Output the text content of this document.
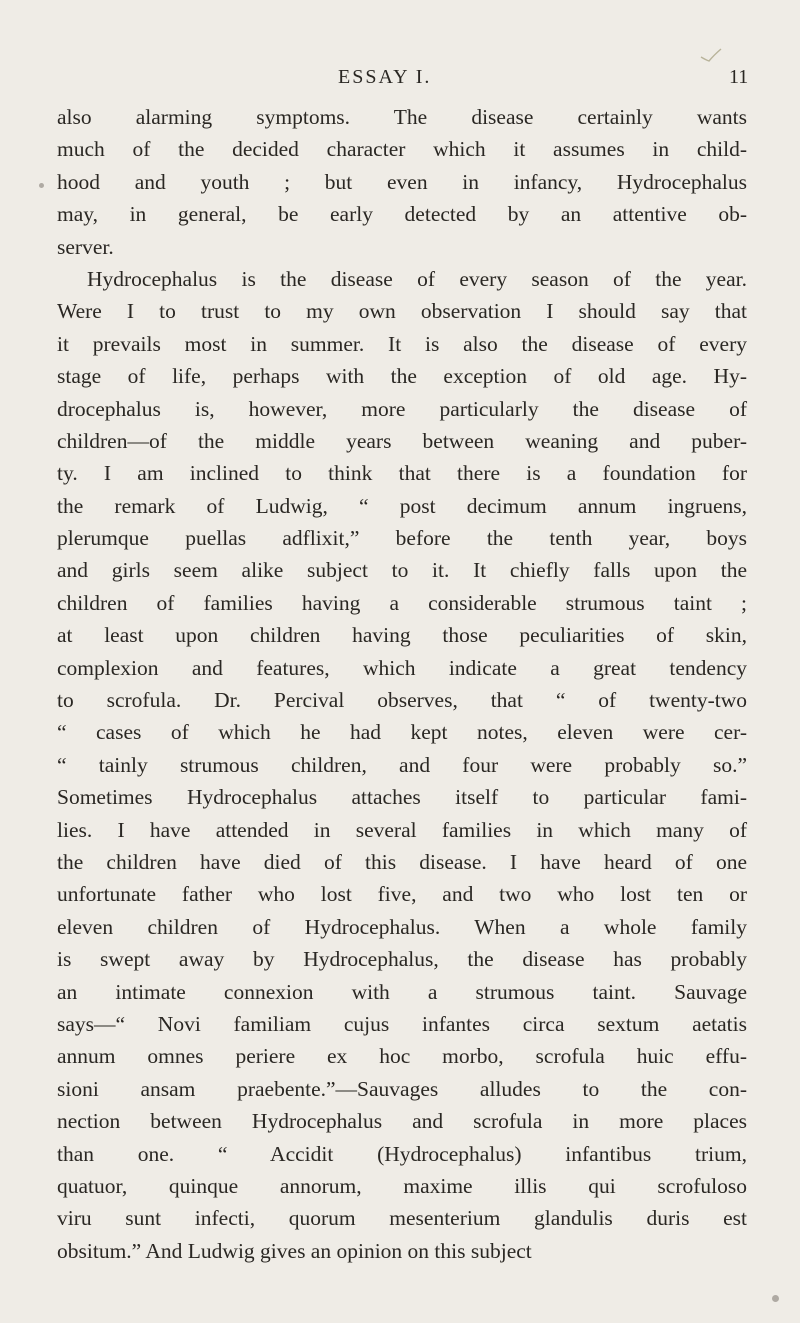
ESSAY I.	11
also alarming symptoms. The disease certainly wants
much of the decided character which it assumes in child-
hood and youth ; but even in infancy, Hydrocephalus
may, in general, be early detected by an attentive ob-
server.
Hydrocephalus is the disease of every season of the year.
Were I to trust to my own observation I should say that
it prevails most in summer. It is also the disease of every
stage of life, perhaps with the exception of old age. Hy-
drocephalus is, however, more particularly the disease of
children—of the middle years between weaning and puber-
ty. I am inclined to think that there is a foundation for
the remark of Ludwig, “ post decimum annum ingruens,
plerumque puellas adflixit,” before the tenth year, boys
and girls seem alike subject to it. It chiefly falls upon the
children of families having a considerable strumous taint ;
at least upon children having those peculiarities of skin,
complexion and features, which indicate a great tendency
to scrofula. Dr. Percival observes, that “ of twenty-two
“ cases of which he had kept notes, eleven were cer-
“ tainly strumous children, and four were probably so.”
Sometimes Hydrocephalus attaches itself to particular fami-
lies. I have attended in several families in which many of
the children have died of this disease. I have heard of one
unfortunate father who lost five, and two who lost ten or
eleven children of Hydrocephalus. When a whole family
is swept away by Hydrocephalus, the disease has probably
an intimate connexion with a strumous taint. Sauvage
says—“ Novi familiam cujus infantes circa sextum aetatis
annum omnes periere ex hoc morbo, scrofula huic effu-
sioni ansam praebente.”—Sauvages alludes to the con-
nection between Hydrocephalus and scrofula in more places
than one. “ Accidit (Hydrocephalus) infantibus trium,
quatuor, quinque annorum, maxime illis qui scrofuloso
viru sunt infecti, quorum mesenterium glandulis duris est
obsitum.” And Ludwig gives an opinion on this subject
